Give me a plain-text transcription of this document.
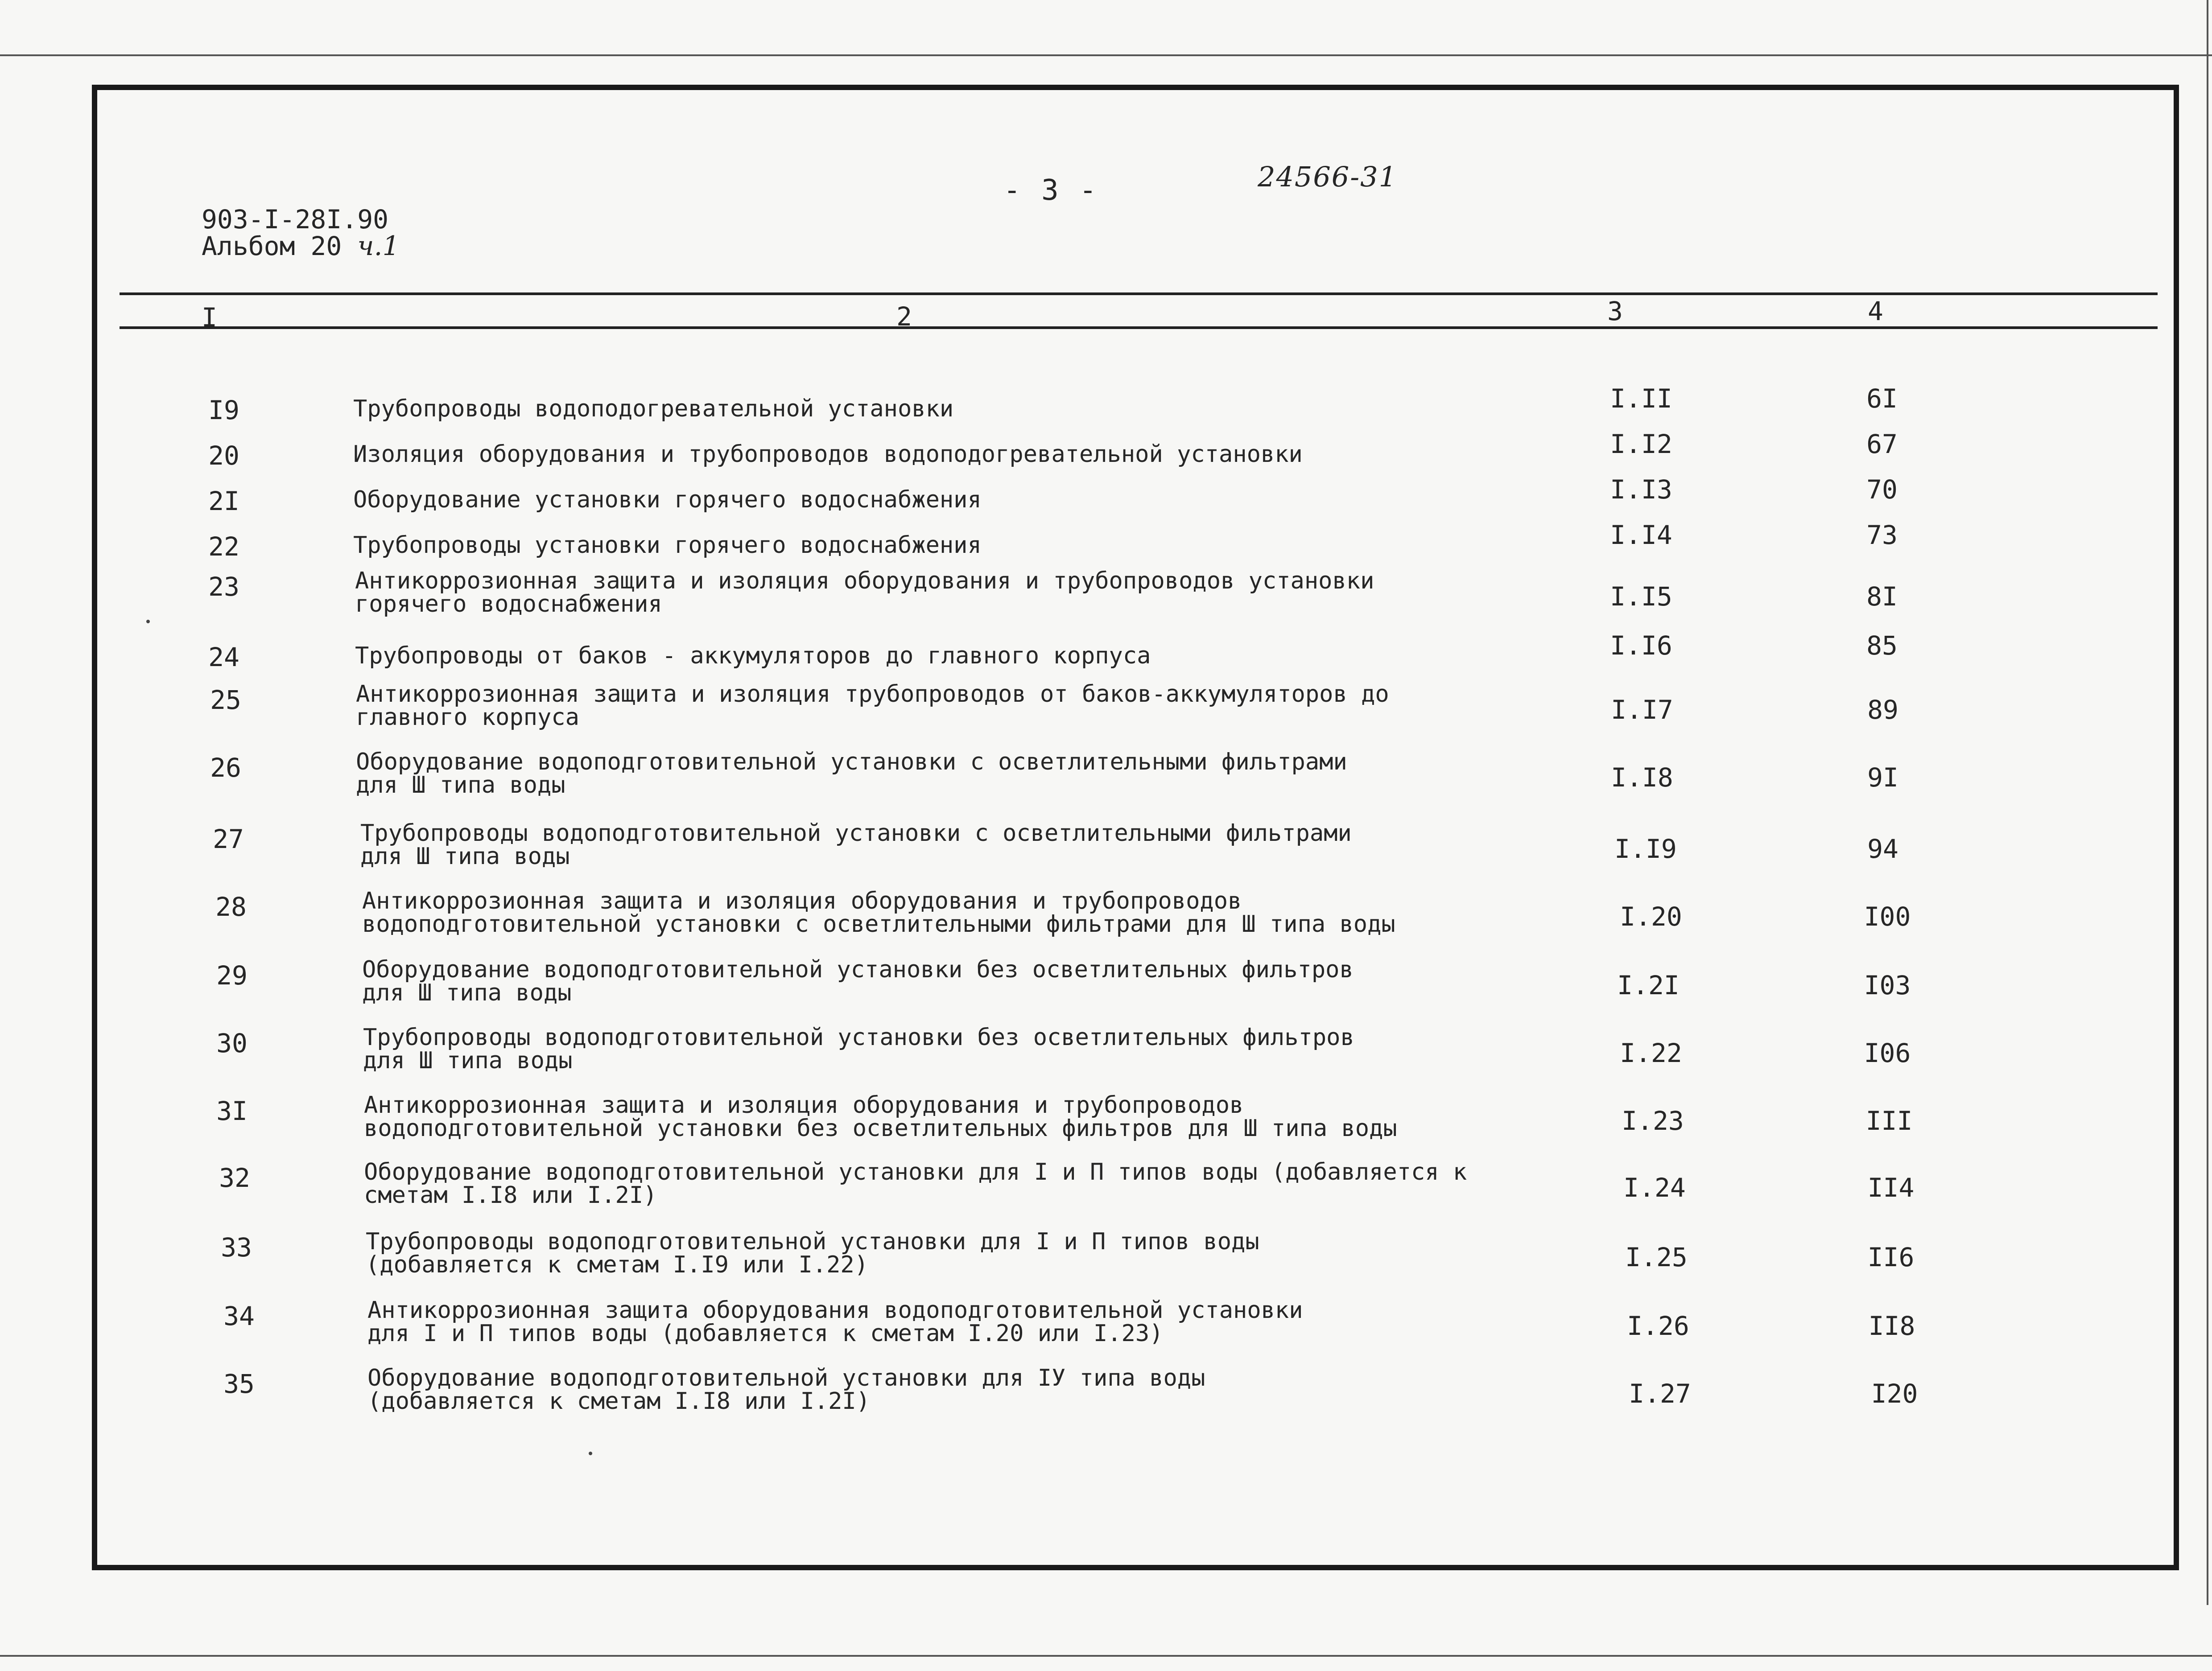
903-I-28I.90
Альбом 20 ч.1
- 3 -	24566-31
I	2	3	4
I9	Трубопроводы водоподогревательной установки	I.II	6I
20	Изоляция оборудования и трубопроводов водоподогревательной установки	I.I2	67
2I	Оборудование установки горячего водоснабжения	I.I3	70
22	Трубопроводы установки горячего водоснабжения	I.I4	73
23	Антикоррозионная защита и изоляция оборудования и трубопроводов установки
горячего водоснабжения	I.I5	8I
24	Трубопроводы от баков - аккумуляторов до главного корпуса	I.I6	85
25	Антикоррозионная защита и изоляция трубопроводов от баков-аккумуляторов до
главного корпуса	I.I7	89
26	Оборудование водоподготовительной установки с осветлительными фильтрами
для Ш типа воды	I.I8	9I
27	Трубопроводы водоподготовительной установки с осветлительными фильтрами
для Ш типа воды	I.I9	94
28	Антикоррозионная защита и изоляция оборудования и трубопроводов
водоподготовительной установки с осветлительными фильтрами для Ш типа воды	I.20	I00
29	Оборудование водоподготовительной установки без осветлительных фильтров
для Ш типа воды	I.2I	I03
30	Трубопроводы водоподготовительной установки без осветлительных фильтров
для Ш типа воды	I.22	I06
3I	Антикоррозионная защита и изоляция оборудования и трубопроводов
водоподготовительной установки без осветлительных фильтров для Ш типа воды	I.23	III
32	Оборудование водоподготовительной установки для I и П типов воды (добавляется к
сметам I.I8 или I.2I)	I.24	II4
33	Трубопроводы водоподготовительной установки для I и П типов воды
(добавляется к сметам I.I9 или I.22)	I.25	II6
34	Антикоррозионная защита оборудования водоподготовительной установки
для I и П типов воды (добавляется к сметам I.20 или I.23)	I.26	II8
35	Оборудование водоподготовительной установки для IУ типа воды
(добавляется к сметам I.I8 или I.2I)	I.27	I20
